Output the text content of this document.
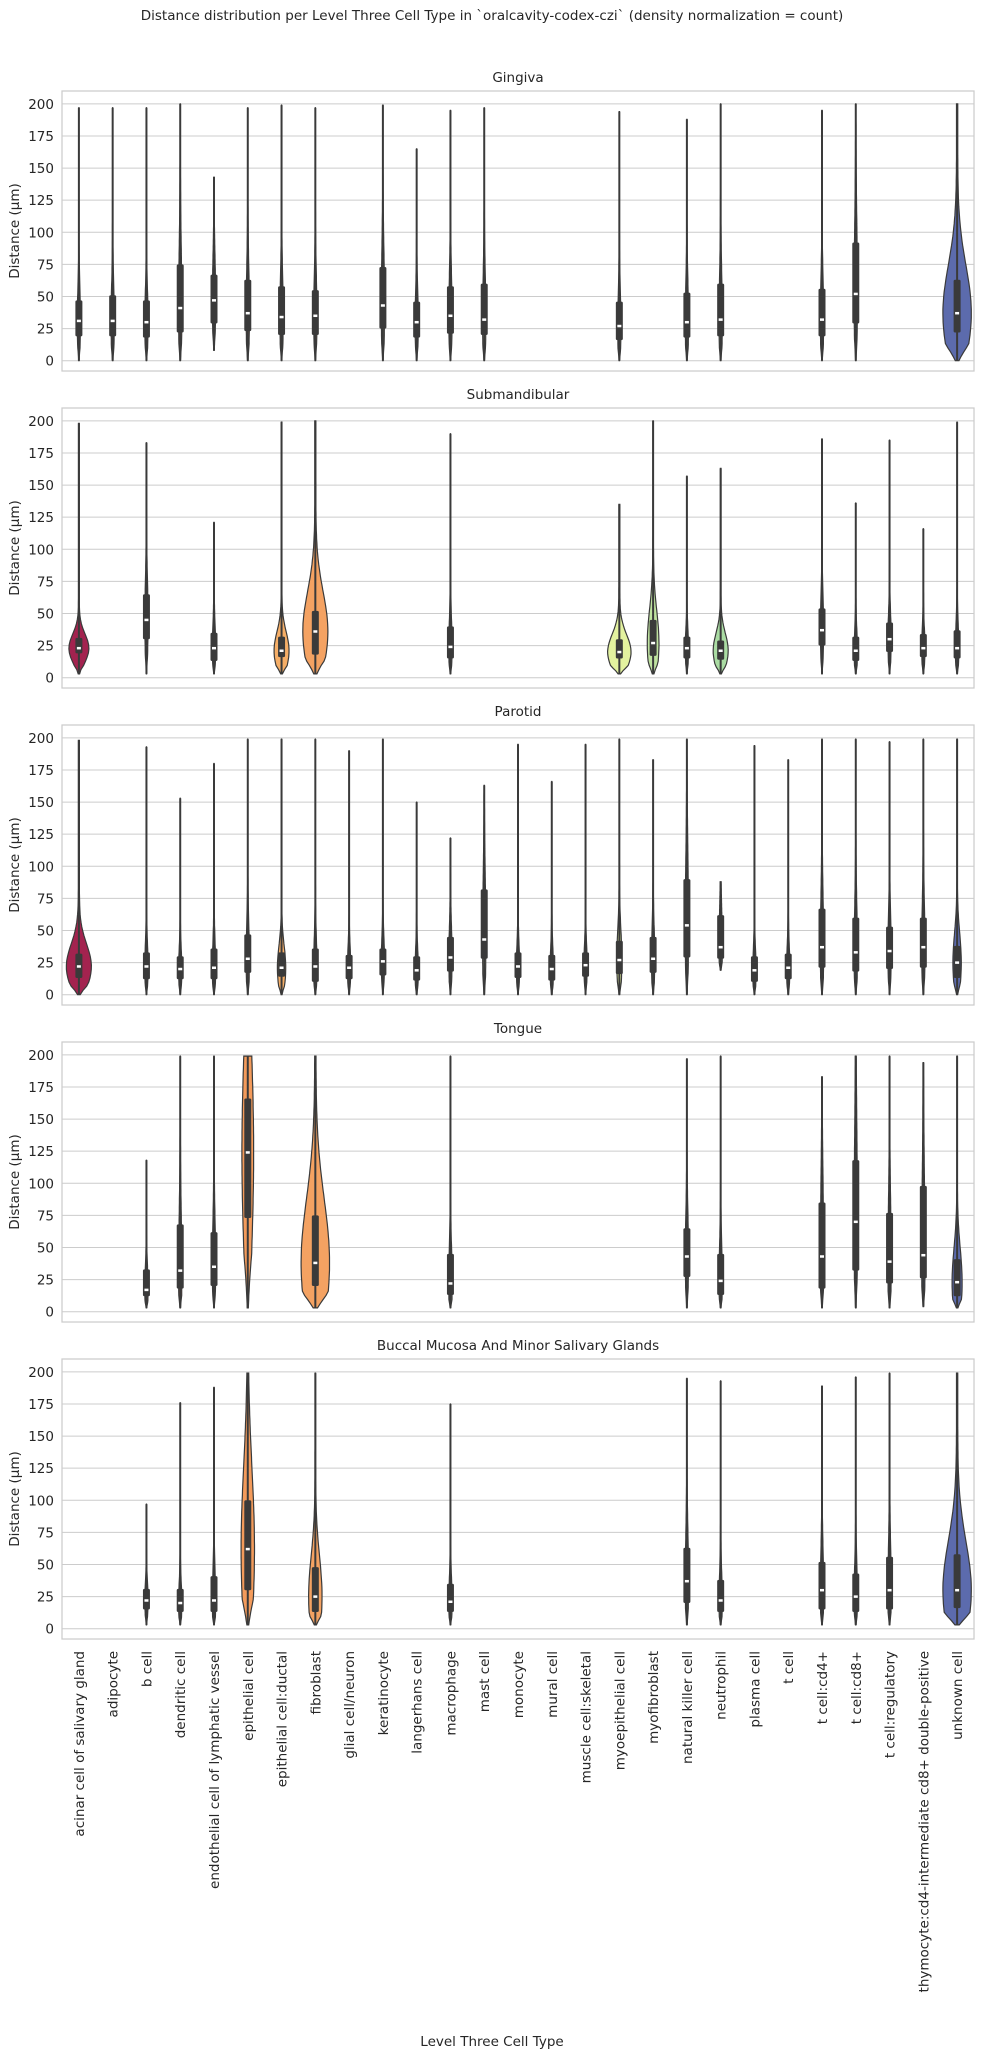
Distance distribution per Level Three Cell Type in `oralcavity-codex-czi` (density normalization = count)
0
25
50
75
100
125
150
175
200
Gingiva
Distance (µm)
0
25
50
75
100
125
150
175
200
Submandibular
Distance (µm)
0
25
50
75
100
125
150
175
200
Parotid
Distance (µm)
0
25
50
75
100
125
150
175
200
Tongue
Distance (µm)
0
25
50
75
100
125
150
175
200
Buccal Mucosa And Minor Salivary Glands
Distance (µm)
acinar cell of salivary gland adipocyte b cell dendritic cell endothelial cell of lymphatic vessel epithelial cell epithelial cell:ductal fibroblast glial cell/neuron keratinocyte langerhans cell macrophage mast cell monocyte mural cell muscle cell:skeletal myoepithelial cell myofibroblast natural killer cell neutrophil plasma cell t cell t cell:cd4+ t cell:cd8+ t cell:regulatory thymocyte:cd4-intermediate cd8+ double-positive unknown cell
Level Three Cell Type
